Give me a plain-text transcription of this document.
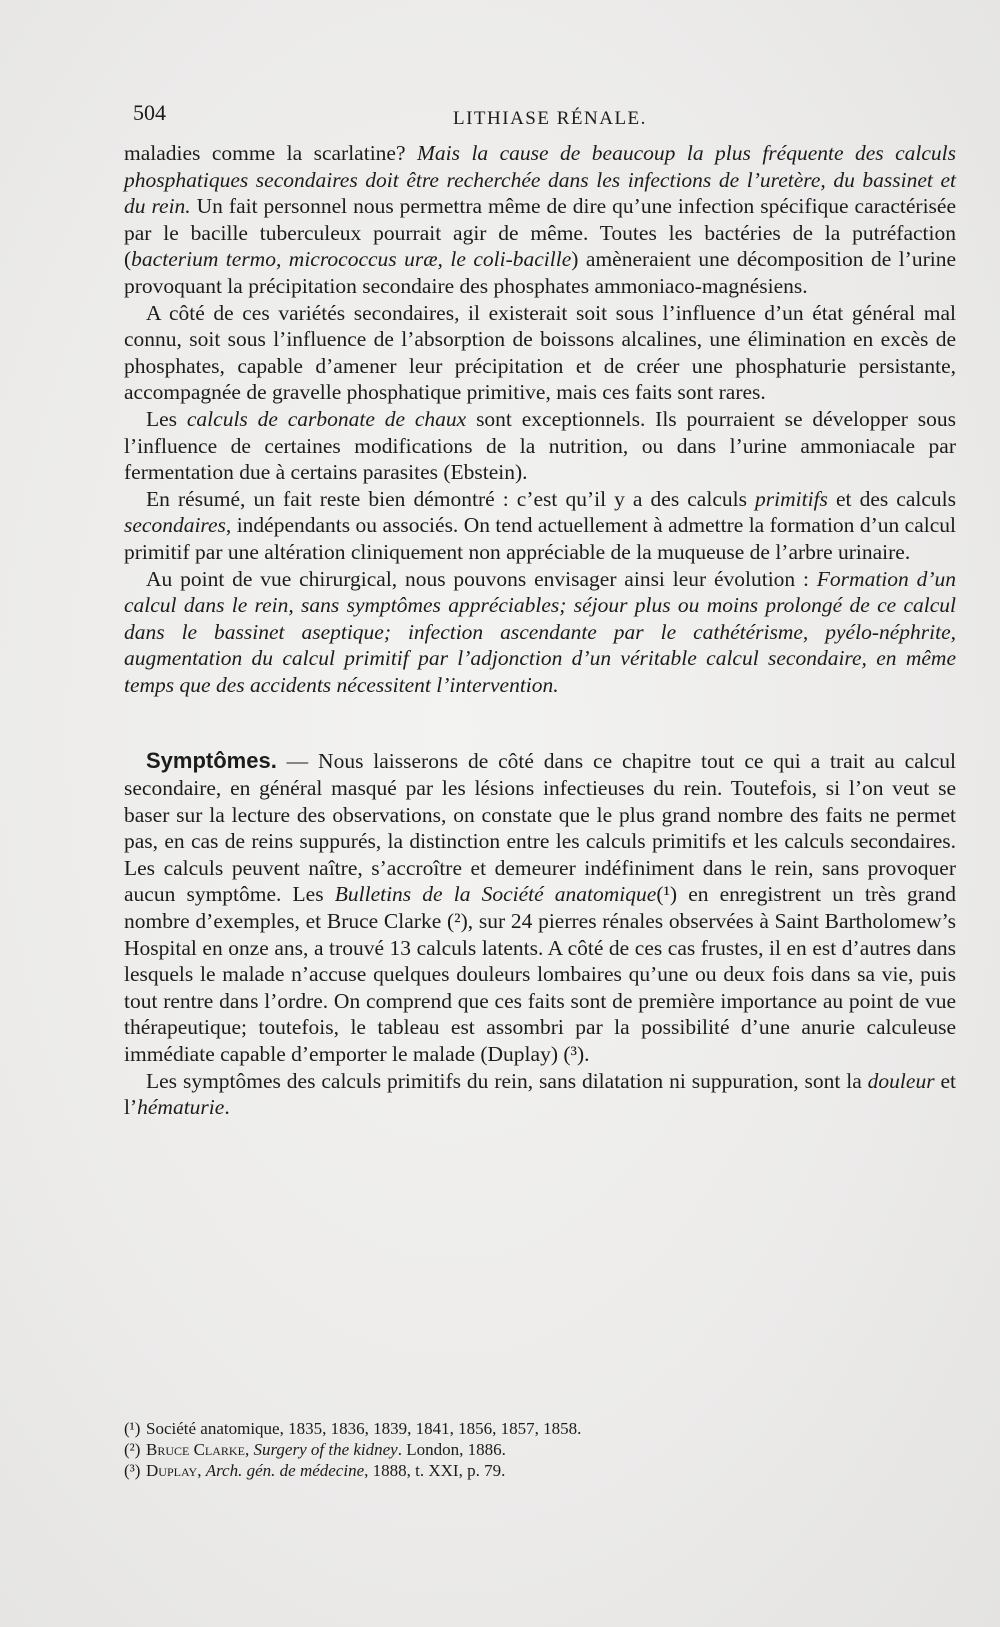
504	LITHIASE RÉNALE.

maladies comme la scarlatine? Mais la cause de beaucoup la plus fréquente des calculs phosphatiques secondaires doit être recherchée dans les infections de l’uretère, du bassinet et du rein. Un fait personnel nous permettra même de dire qu’une infection spécifique caractérisée par le bacille tuberculeux pourrait agir de même. Toutes les bactéries de la putréfaction (bacterium termo, micrococcus uræ, le coli-bacille) amèneraient une décomposition de l’urine provoquant la précipitation secondaire des phosphates ammoniaco-magnésiens.

A côté de ces variétés secondaires, il existerait soit sous l’influence d’un état général mal connu, soit sous l’influence de l’absorption de boissons alcalines, une élimination en excès de phosphates, capable d’amener leur précipitation et de créer une phosphaturie persistante, accompagnée de gravelle phosphatique primitive, mais ces faits sont rares.

Les calculs de carbonate de chaux sont exceptionnels. Ils pourraient se développer sous l’influence de certaines modifications de la nutrition, ou dans l’urine ammoniacale par fermentation due à certains parasites (Ebstein).

En résumé, un fait reste bien démontré : c’est qu’il y a des calculs primitifs et des calculs secondaires, indépendants ou associés. On tend actuellement à admettre la formation d’un calcul primitif par une altération cliniquement non appréciable de la muqueuse de l’arbre urinaire.

Au point de vue chirurgical, nous pouvons envisager ainsi leur évolution : Formation d’un calcul dans le rein, sans symptômes appréciables; séjour plus ou moins prolongé de ce calcul dans le bassinet aseptique; infection ascendante par le cathétérisme, pyélo-néphrite, augmentation du calcul primitif par l’adjonction d’un véritable calcul secondaire, en même temps que des accidents nécessitent l’intervention.

Symptômes. — Nous laisserons de côté dans ce chapitre tout ce qui a trait au calcul secondaire, en général masqué par les lésions infectieuses du rein. Toutefois, si l’on veut se baser sur la lecture des observations, on constate que le plus grand nombre des faits ne permet pas, en cas de reins suppurés, la distinction entre les calculs primitifs et les calculs secondaires. Les calculs peuvent naître, s’accroître et demeurer indéfiniment dans le rein, sans provoquer aucun symptôme. Les Bulletins de la Société anatomique(¹) en enregistrent un très grand nombre d’exemples, et Bruce Clarke (²), sur 24 pierres rénales observées à Saint Bartholomew’s Hospital en onze ans, a trouvé 13 calculs latents. A côté de ces cas frustes, il en est d’autres dans lesquels le malade n’accuse quelques douleurs lombaires qu’une ou deux fois dans sa vie, puis tout rentre dans l’ordre. On comprend que ces faits sont de première importance au point de vue thérapeutique; toutefois, le tableau est assombri par la possibilité d’une anurie calculeuse immédiate capable d’emporter le malade (Duplay) (³).

Les symptômes des calculs primitifs du rein, sans dilatation ni suppuration, sont la douleur et l’hématurie.

(¹) Société anatomique, 1835, 1836, 1839, 1841, 1856, 1857, 1858.
(²) Bruce Clarke, Surgery of the kidney. London, 1886.
(³) Duplay, Arch. gén. de médecine, 1888, t. XXI, p. 79.
